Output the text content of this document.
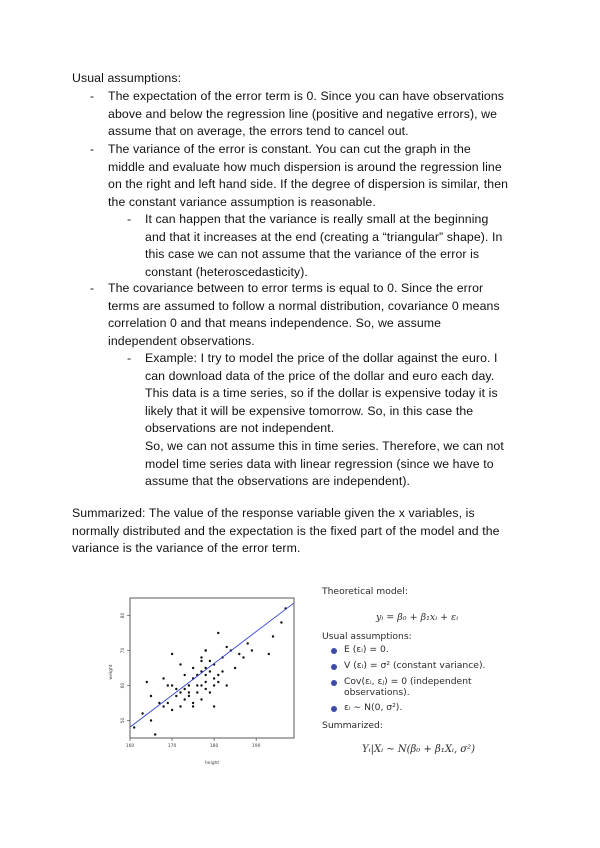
Usual assumptions:
- The expectation of the error term is 0. Since you can have observations
above and below the regression line (positive and negative errors), we
assume that on average, the errors tend to cancel out.
- The variance of the error is constant. You can cut the graph in the
middle and evaluate how much dispersion is around the regression line
on the right and left hand side. If the degree of dispersion is similar, then
the constant variance assumption is reasonable.
- It can happen that the variance is really small at the beginning
and that it increases at the end (creating a “triangular” shape). In
this case we can not assume that the variance of the error is
constant (heteroscedasticity).
- The covariance between to error terms is equal to 0. Since the error
terms are assumed to follow a normal distribution, covariance 0 means
correlation 0 and that means independence. So, we assume
independent observations.
- Example: I try to model the price of the dollar against the euro. I
can download data of the price of the dollar and euro each day.
This data is a time series, so if the dollar is expensive today it is
likely that it will be expensive tomorrow. So, in this case the
observations are not independent.
So, we can not assume this in time series. Therefore, we can not
model time series data with linear regression (since we have to
assume that the observations are independent).
Summarized: The value of the response variable given the x variables, is
normally distributed and the expectation is the fixed part of the model and the
variance is the variance of the error term.
160	170	180	190
50
60
70
80
height
weight
Theoretical model:
yᵢ = β₀ + β₁xᵢ + εᵢ
Usual assumptions:
E (εᵢ) = 0.
V (εᵢ) = σ² (constant variance).
Cov(εᵢ, εⱼ) = 0 (independent observations).
εᵢ ∼ N(0, σ²).
Summarized:
Yᵢ|Xᵢ ∼ N(β₀ + β₁Xᵢ, σ²)
